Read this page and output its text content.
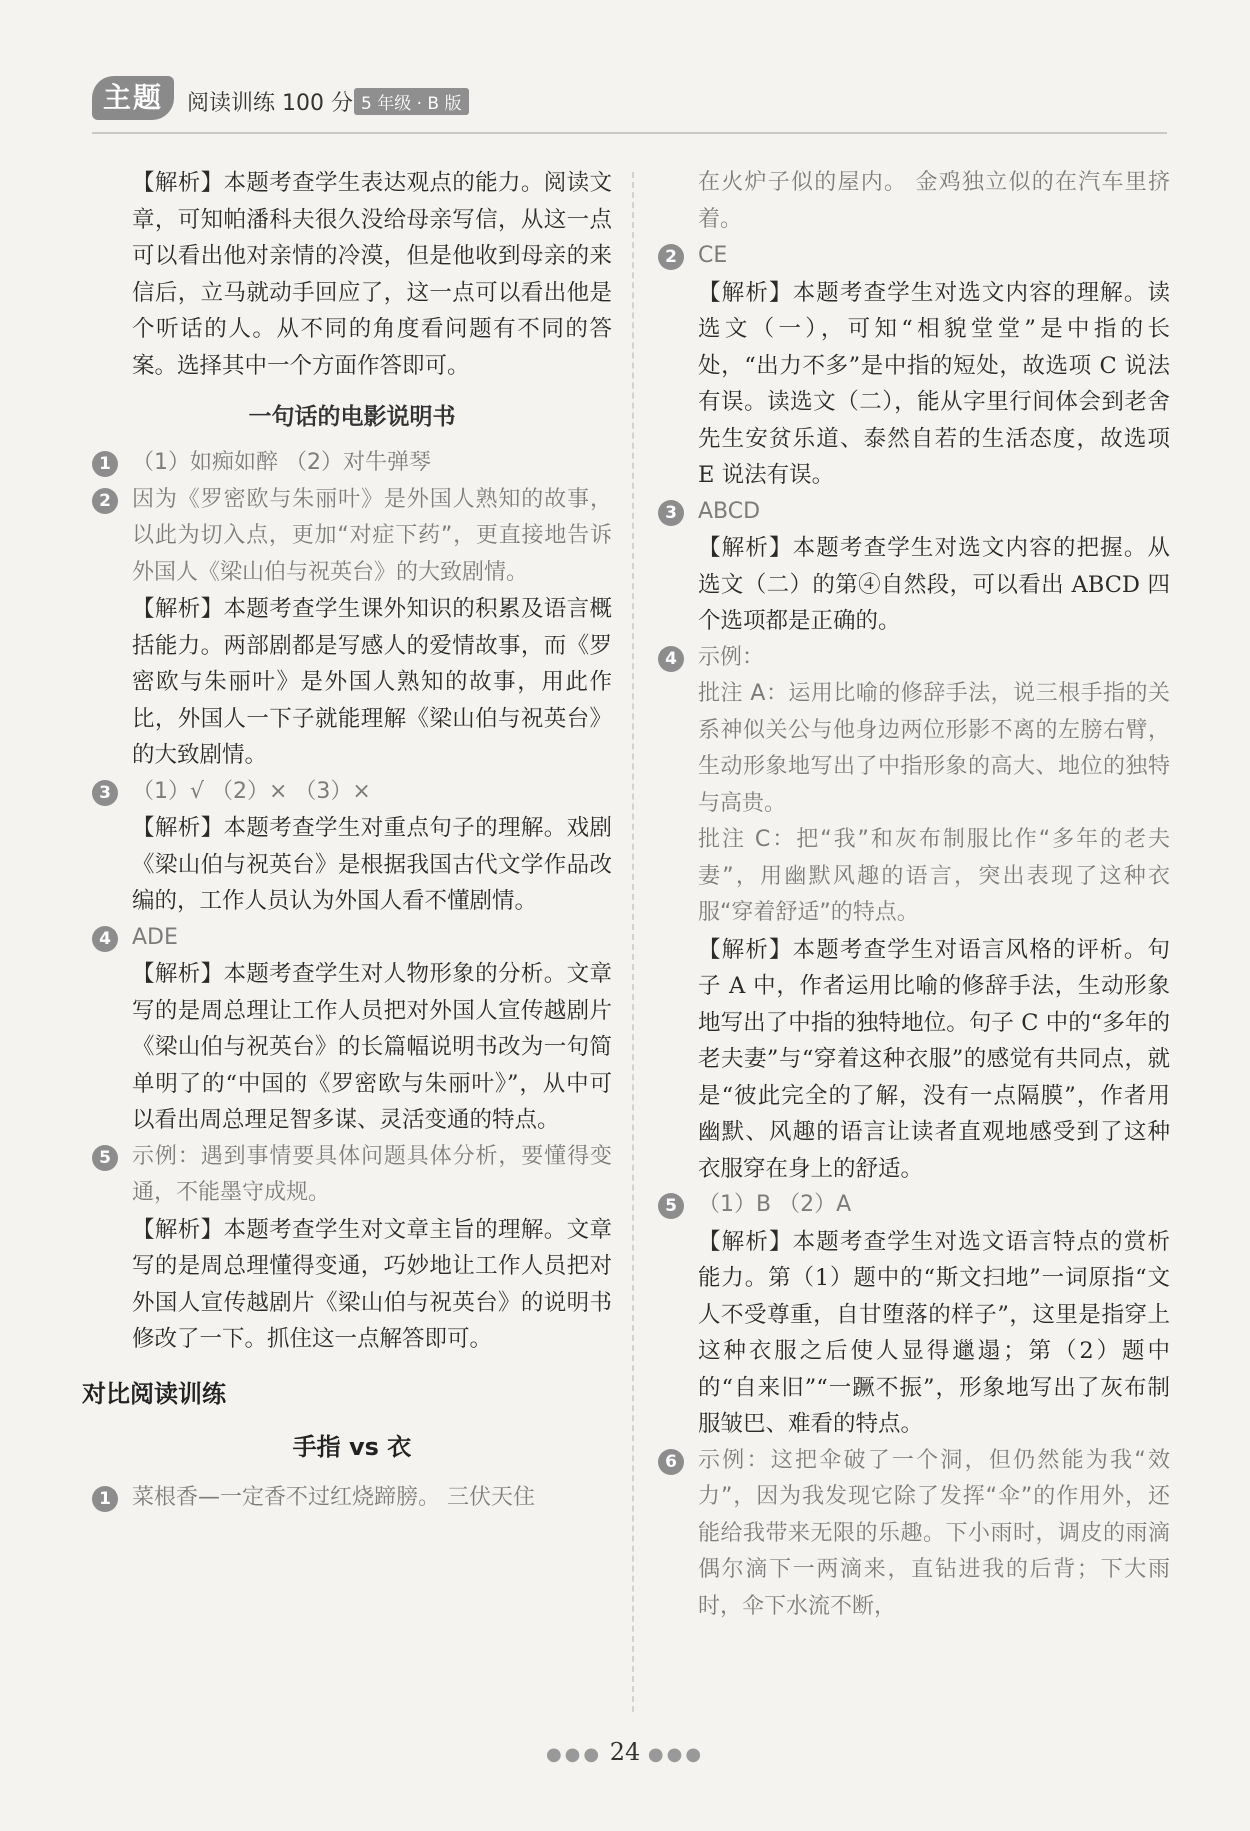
主题	阅读训练 100 分 5 年级 · B 版

【解析】本题考查学生表达观点的能力。阅读文章，可知帕潘科夫很久没给母亲写信，从这一点可以看出他对亲情的冷漠，但是他收到母亲的来信后，立马就动手回应了，这一点可以看出他是个听话的人。从不同的角度看问题有不同的答案。选择其中一个方面作答即可。

一句话的电影说明书
1 （1）如痴如醉 （2）对牛弹琴

2 因为《罗密欧与朱丽叶》是外国人熟知的故事，以此为切入点，更加“对症下药”，更直接地告诉外国人《梁山伯与祝英台》的大致剧情。

【解析】本题考查学生课外知识的积累及语言概括能力。两部剧都是写感人的爱情故事，而《罗密欧与朱丽叶》是外国人熟知的故事，用此作比，外国人一下子就能理解《梁山伯与祝英台》的大致剧情。

3 （1）√ （2）× （3）×

【解析】本题考查学生对重点句子的理解。戏剧《梁山伯与祝英台》是根据我国古代文学作品改编的，工作人员认为外国人看不懂剧情。

4 ADE

【解析】本题考查学生对人物形象的分析。文章写的是周总理让工作人员把对外国人宣传越剧片《梁山伯与祝英台》的长篇幅说明书改为一句简单明了的“中国的《罗密欧与朱丽叶》”，从中可以看出周总理足智多谋、灵活变通的特点。

5 示例：遇到事情要具体问题具体分析，要懂得变通，不能墨守成规。

【解析】本题考查学生对文章主旨的理解。文章写的是周总理懂得变通，巧妙地让工作人员把对外国人宣传越剧片《梁山伯与祝英台》的说明书修改了一下。抓住这一点解答即可。

对比阅读训练
手指 vs 衣
1 菜根香—一定香不过红烧蹄膀。 三伏天住

在火炉子似的屋内。 金鸡独立似的在汽车里挤着。

2 CE

【解析】本题考查学生对选文内容的理解。读选文（一），可知“相貌堂堂”是中指的长处，“出力不多”是中指的短处，故选项 C 说法有误。读选文（二），能从字里行间体会到老舍先生安贫乐道、泰然自若的生活态度，故选项 E 说法有误。

3 ABCD

【解析】本题考查学生对选文内容的把握。从选文（二）的第④自然段，可以看出 ABCD 四个选项都是正确的。

4 示例：

批注 A：运用比喻的修辞手法，说三根手指的关系神似关公与他身边两位形影不离的左膀右臂，生动形象地写出了中指形象的高大、地位的独特与高贵。

批注 C：把“我”和灰布制服比作“多年的老夫妻”，用幽默风趣的语言，突出表现了这种衣服“穿着舒适”的特点。

【解析】本题考查学生对语言风格的评析。句子 A 中，作者运用比喻的修辞手法，生动形象地写出了中指的独特地位。句子 C 中的“多年的老夫妻”与“穿着这种衣服”的感觉有共同点，就是“彼此完全的了解，没有一点隔膜”，作者用幽默、风趣的语言让读者直观地感受到了这种衣服穿在身上的舒适。

5 （1）B （2）A

【解析】本题考查学生对选文语言特点的赏析能力。第（1）题中的“斯文扫地”一词原指“文人不受尊重，自甘堕落的样子”，这里是指穿上这种衣服之后使人显得邋遢；第（2）题中的“自来旧”“一蹶不振”，形象地写出了灰布制服皱巴、难看的特点。

6 示例：这把伞破了一个洞，但仍然能为我“效力”，因为我发现它除了发挥“伞”的作用外，还能给我带来无限的乐趣。下小雨时，调皮的雨滴偶尔滴下一两滴来，直钻进我的后背；下大雨时，伞下水流不断，

●●● 24 ●●●
